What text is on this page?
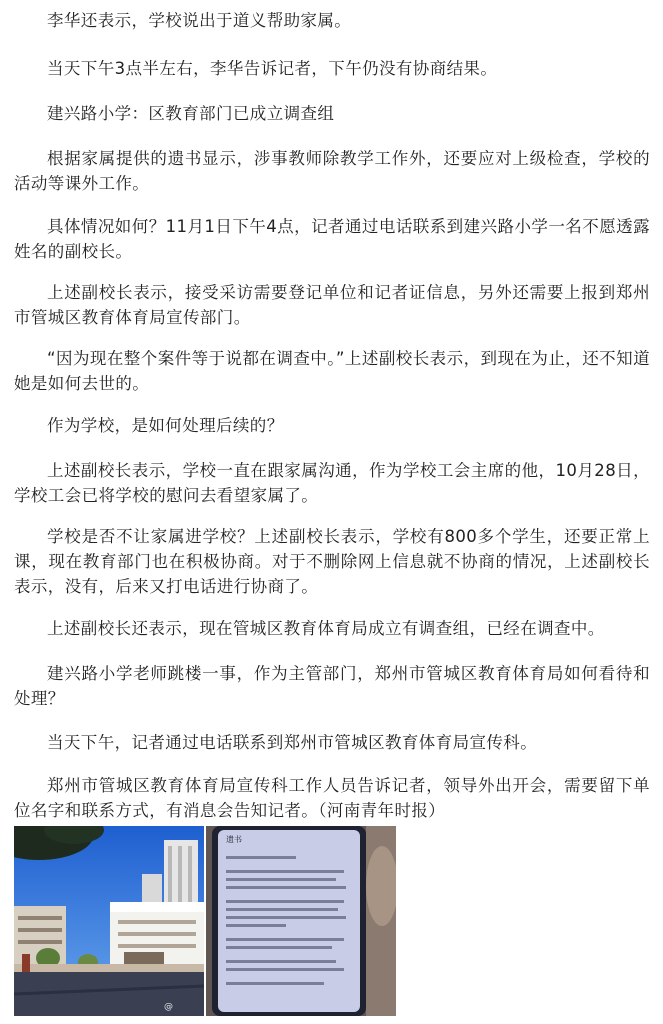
李华还表示，学校说出于道义帮助家属。

当天下午3点半左右，李华告诉记者，下午仍没有协商结果。

建兴路小学：区教育部门已成立调查组

根据家属提供的遗书显示，涉事教师除教学工作外，还要应对上级检查，学校的活动等课外工作。

具体情况如何？11月1日下午4点，记者通过电话联系到建兴路小学一名不愿透露姓名的副校长。

上述副校长表示，接受采访需要登记单位和记者证信息，另外还需要上报到郑州市管城区教育体育局宣传部门。

“因为现在整个案件等于说都在调查中。”上述副校长表示，到现在为止，还不知道她是如何去世的。

作为学校，是如何处理后续的？

上述副校长表示，学校一直在跟家属沟通，作为学校工会主席的他，10月28日，学校工会已将学校的慰问去看望家属了。

学校是否不让家属进学校？上述副校长表示，学校有800多个学生，还要正常上课，现在教育部门也在积极协商。对于不删除网上信息就不协商的情况，上述副校长表示，没有，后来又打电话进行协商了。

上述副校长还表示，现在管城区教育体育局成立有调查组，已经在调查中。

建兴路小学老师跳楼一事，作为主管部门，郑州市管城区教育体育局如何看待和处理？

当天下午，记者通过电话联系到郑州市管城区教育体育局宣传科。

郑州市管城区教育体育局宣传科工作人员告诉记者，领导外出开会，需要留下单位名字和联系方式，有消息会告知记者。（河南青年时报）

@
遗书
